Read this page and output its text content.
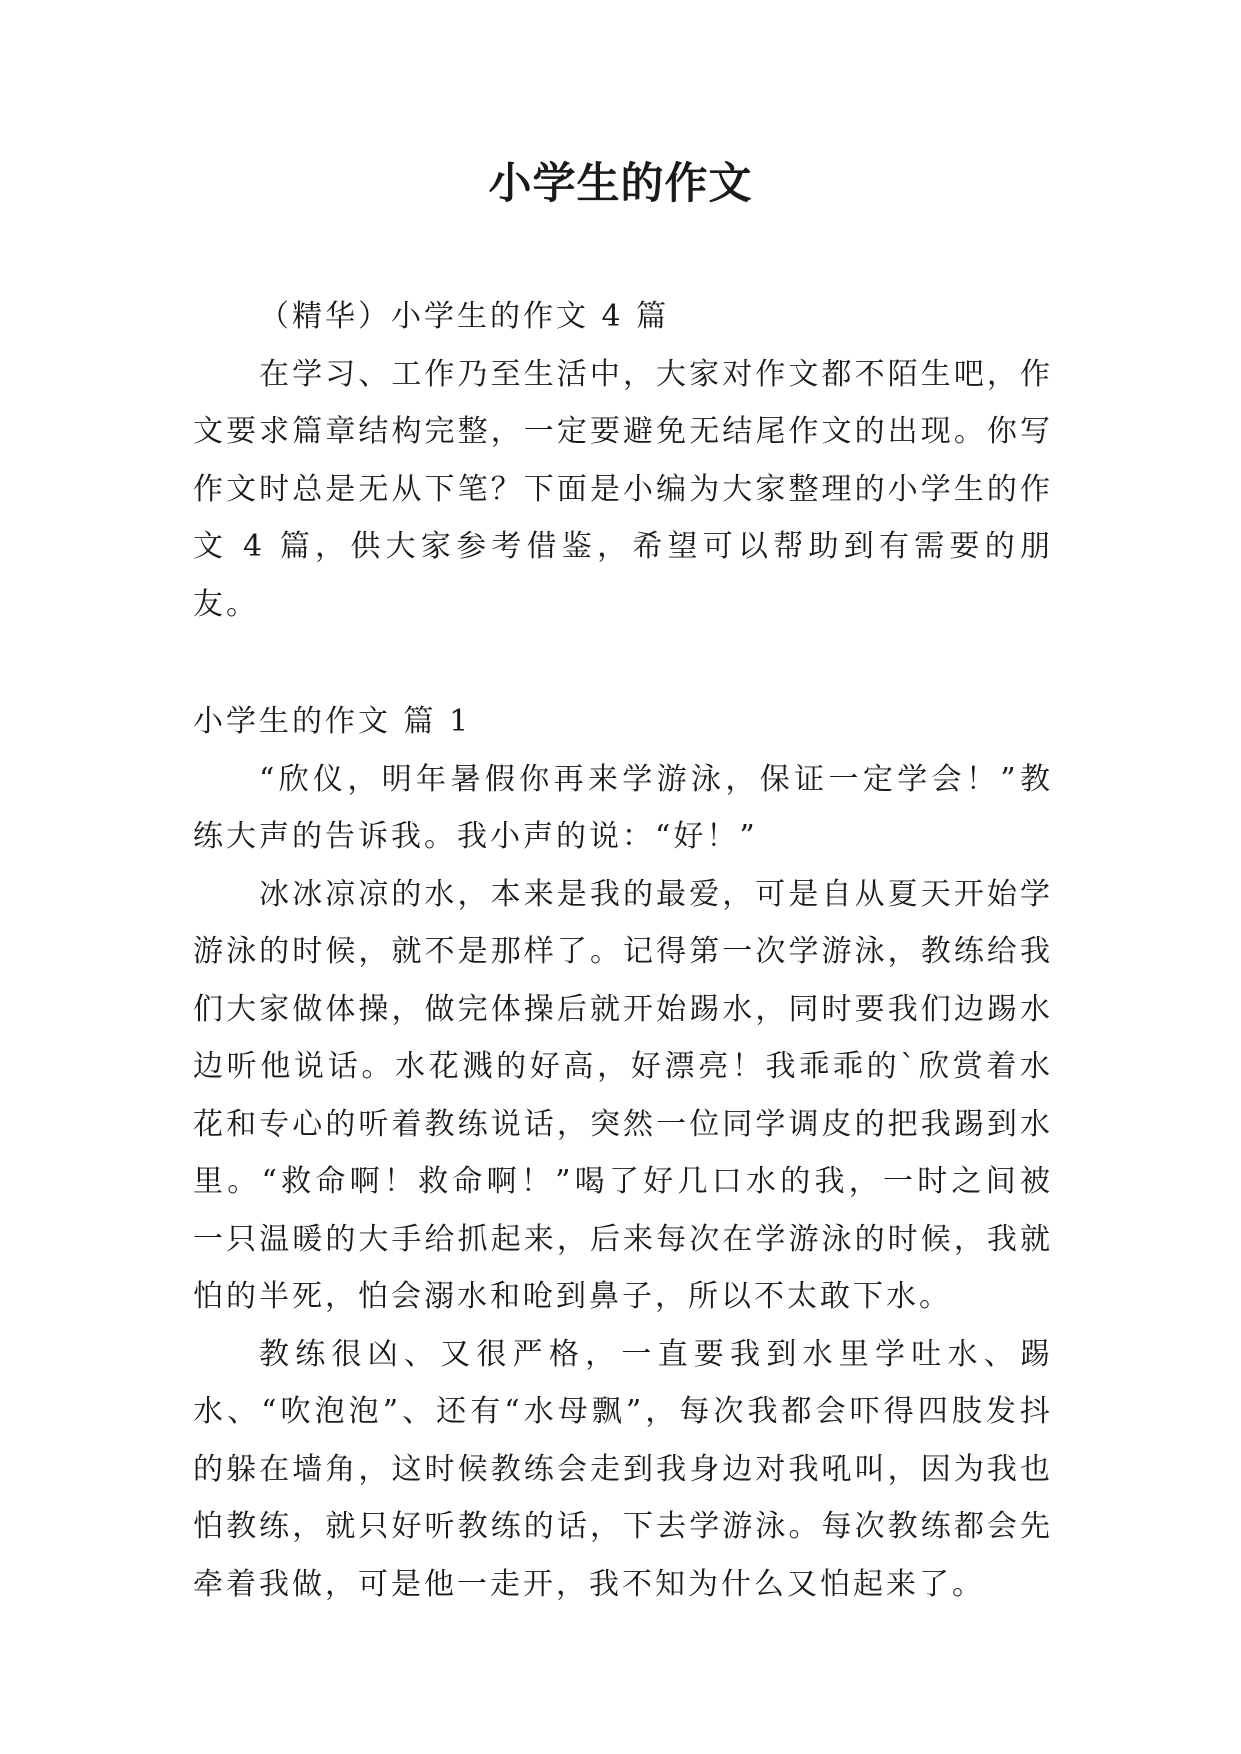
小学生的作文

（精华）小学生的作文 4 篇

在学习、工作乃至生活中，大家对作文都不陌生吧，作文要求篇章结构完整，一定要避免无结尾作文的出现。你写作文时总是无从下笔？下面是小编为大家整理的小学生的作文 4 篇，供大家参考借鉴，希望可以帮助到有需要的朋友。

小学生的作文 篇 1

“欣仪，明年暑假你再来学游泳，保证一定学会！”教练大声的告诉我。我小声的说：“好！”

冰冰凉凉的水，本来是我的最爱，可是自从夏天开始学游泳的时候，就不是那样了。记得第一次学游泳，教练给我们大家做体操，做完体操后就开始踢水，同时要我们边踢水边听他说话。水花溅的好高，好漂亮！我乖乖的`欣赏着水花和专心的听着教练说话，突然一位同学调皮的把我踢到水里。“救命啊！救命啊！”喝了好几口水的我，一时之间被一只温暖的大手给抓起来，后来每次在学游泳的时候，我就怕的半死，怕会溺水和呛到鼻子，所以不太敢下水。

教练很凶、又很严格，一直要我到水里学吐水、踢水、“吹泡泡”、还有“水母飘”，每次我都会吓得四肢发抖的躲在墙角，这时候教练会走到我身边对我吼叫，因为我也怕教练，就只好听教练的话，下去学游泳。每次教练都会先牵着我做，可是他一走开，我不知为什么又怕起来了。
